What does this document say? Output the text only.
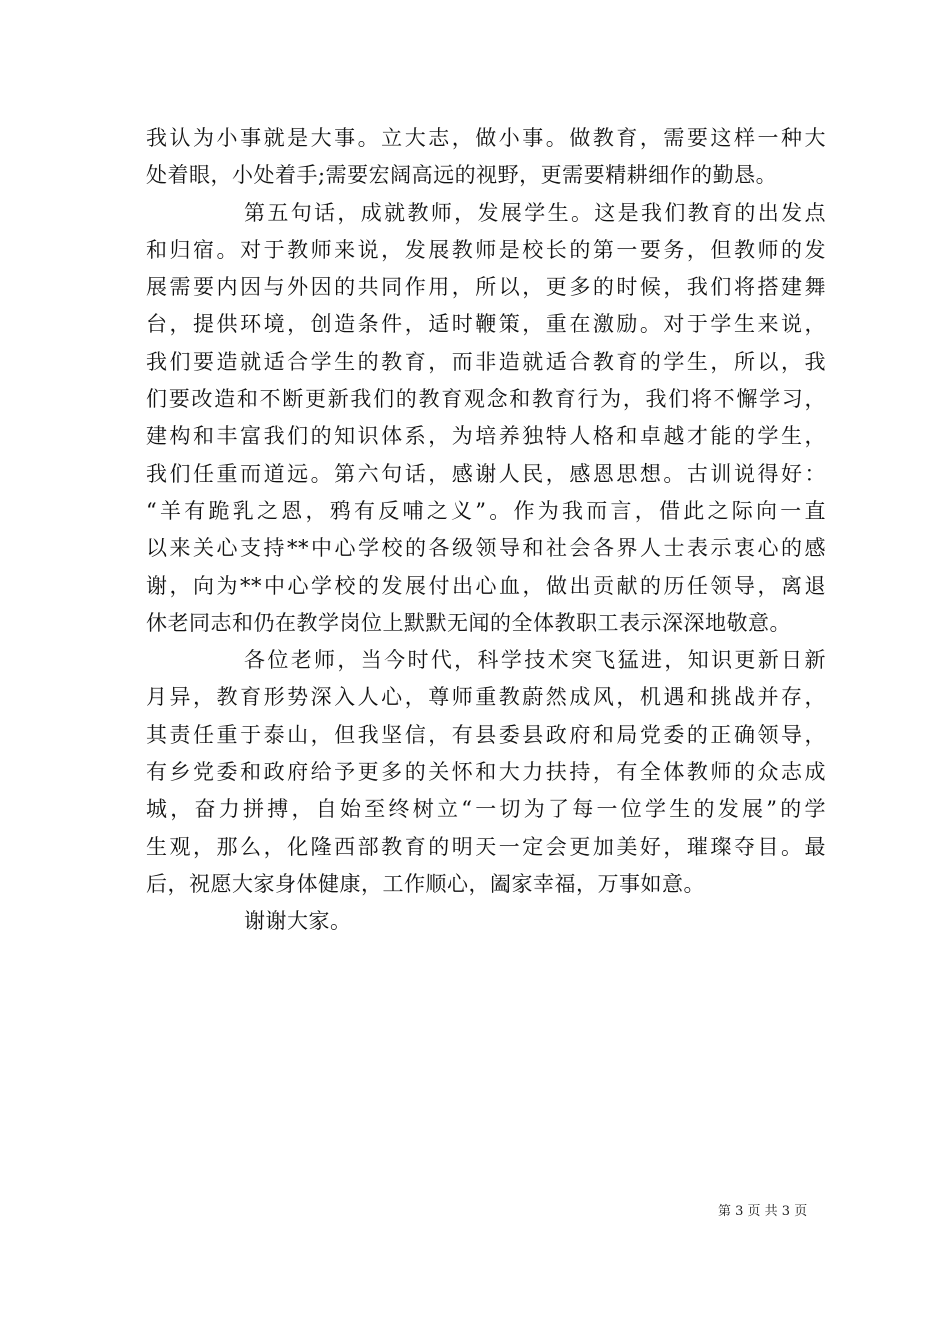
我认为小事就是大事。立大志，做小事。做教育，需要这样一种大
处着眼，小处着手;需要宏阔高远的视野，更需要精耕细作的勤恳。
第五句话，成就教师，发展学生。这是我们教育的出发点
和归宿。对于教师来说，发展教师是校长的第一要务，但教师的发
展需要内因与外因的共同作用，所以，更多的时候，我们将搭建舞
台，提供环境，创造条件，适时鞭策，重在激励。对于学生来说，
我们要造就适合学生的教育，而非造就适合教育的学生，所以，我
们要改造和不断更新我们的教育观念和教育行为，我们将不懈学习，
建构和丰富我们的知识体系，为培养独特人格和卓越才能的学生，
我们任重而道远。第六句话，感谢人民，感恩思想。古训说得好：
“羊有跪乳之恩，鸦有反哺之义”。作为我而言，借此之际向一直
以来关心支持**中心学校的各级领导和社会各界人士表示衷心的感
谢，向为**中心学校的发展付出心血，做出贡献的历任领导，离退
休老同志和仍在教学岗位上默默无闻的全体教职工表示深深地敬意。
各位老师，当今时代，科学技术突飞猛进，知识更新日新
月异，教育形势深入人心，尊师重教蔚然成风，机遇和挑战并存，
其责任重于泰山，但我坚信，有县委县政府和局党委的正确领导，
有乡党委和政府给予更多的关怀和大力扶持，有全体教师的众志成
城，奋力拼搏，自始至终树立“一切为了每一位学生的发展”的学
生观，那么，化隆西部教育的明天一定会更加美好，璀璨夺目。最
后，祝愿大家身体健康，工作顺心，阖家幸福，万事如意。
谢谢大家。
第 3 页 共 3 页
